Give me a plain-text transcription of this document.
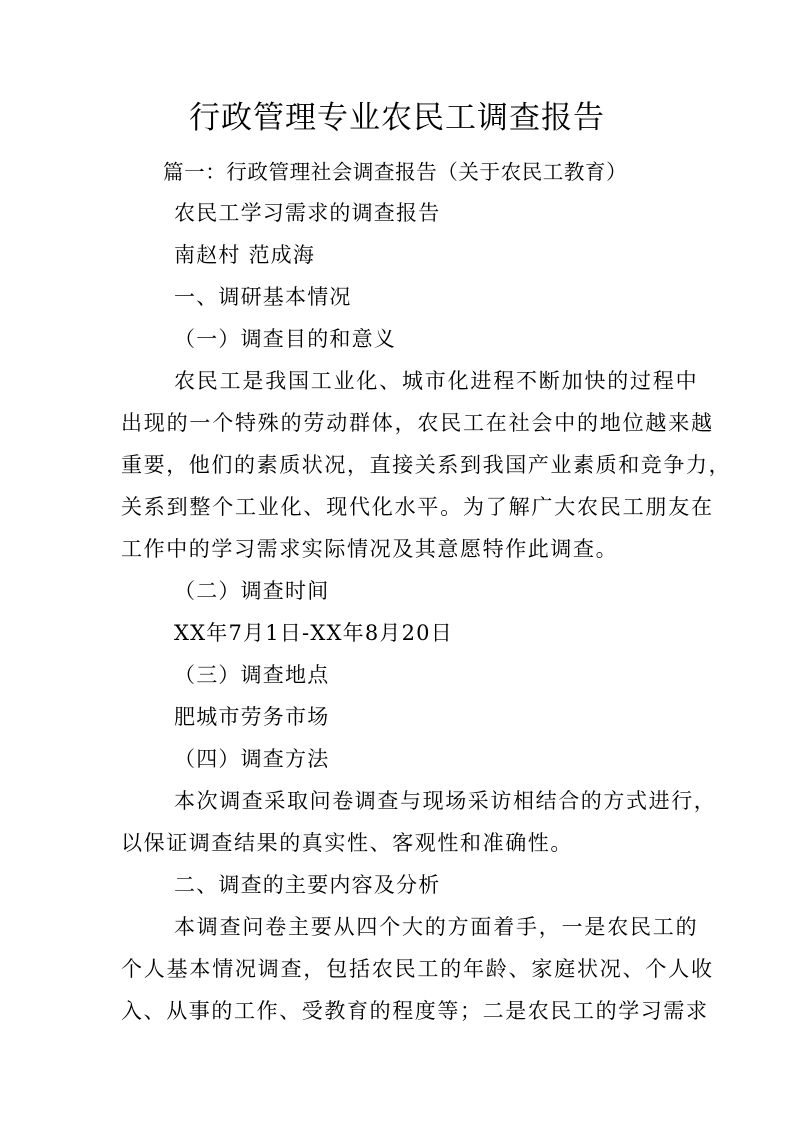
行政管理专业农民工调查报告
篇一：行政管理社会调查报告（关于农民工教育）
农民工学习需求的调查报告
南赵村 范成海
一、调研基本情况
（一）调查目的和意义
农民工是我国工业化、城市化进程不断加快的过程中
出现的一个特殊的劳动群体，农民工在社会中的地位越来越
重要，他们的素质状况，直接关系到我国产业素质和竞争力，
关系到整个工业化、现代化水平。为了解广大农民工朋友在
工作中的学习需求实际情况及其意愿特作此调查。
（二）调查时间
XX年7月1日-XX年8月20日
（三）调查地点
肥城市劳务市场
（四）调查方法
本次调查采取问卷调查与现场采访相结合的方式进行，
以保证调查结果的真实性、客观性和准确性。
二、调查的主要内容及分析
本调查问卷主要从四个大的方面着手，一是农民工的
个人基本情况调查，包括农民工的年龄、家庭状况、个人收
入、从事的工作、受教育的程度等；二是农民工的学习需求
